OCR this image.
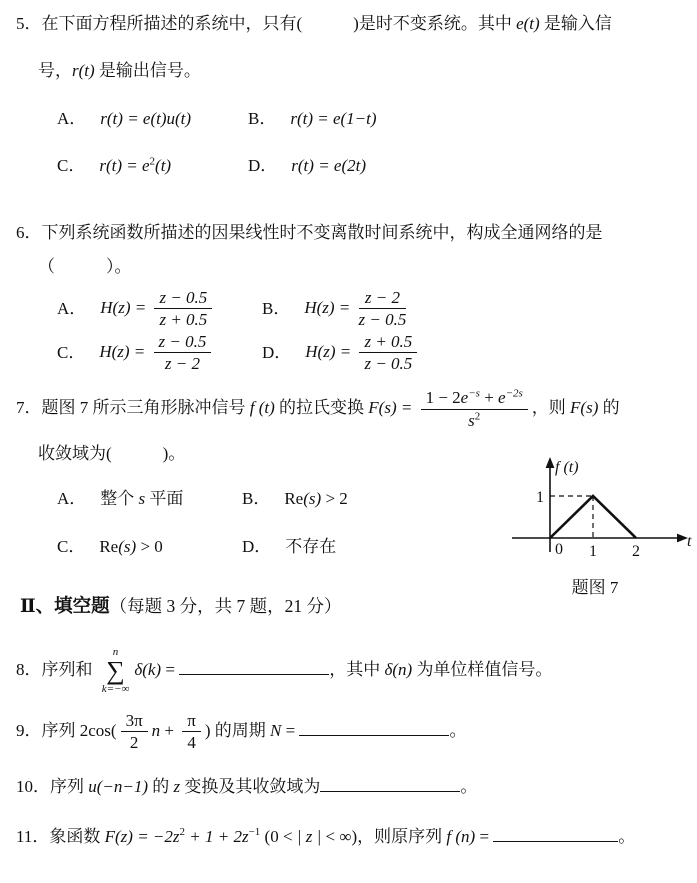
5．在下面方程所描述的系统中，只有(　　　)是时不变系统。其中 e(t) 是输入信
号，r(t) 是输出信号。
A． r(t) = e(t)u(t)	B． r(t) = e(1−t)
C． $r(t) = e^2(t)$	D． r(t) = e(2t)
6．下列系统函数所描述的因果线性时不变离散时间系统中，构成全通网络的是
（　　　）。
A． $H(z) = \frac{z - 0.5}{z + 0.5}$	B． $H(z) = \frac{z - 2}{z - 0.5}$
C． $H(z) = \frac{z - 0.5}{z - 2}$	D． $H(z) = \frac{z + 0.5}{z - 0.5}$
7．题图 7 所示三角形脉冲信号 f (t) 的拉氏变换 $F(s) = \frac{1 - 2e^{-s} + e^{-2s}}{s^2}$ ，则 F(s) 的
收敛域为(　　　)。
A． 整个 s 平面	B． Re(s) > 2
C． Re(s) > 0	D． 不存在
f (t)
1
0 1 2
t
题图 7
Ⅱ、填空题（每题 3 分，共 7 题，21 分）
8．序列和
n
∑
k=−∞
δ(k) =	，其中 δ(n) 为单位样值信号。
9．序列 $2\cos( \frac{3\pi}{2}$ $n + \frac{\pi}{4}$ ) 的周期 N =	。
10．序列 u(−n−1) 的 z 变换及其收敛域为	。
11．象函数 $F(z) = -2z^2 + 1 + 2z^{-1}$ (0 < | z | < ∞)，则原序列 f (n) =	。
